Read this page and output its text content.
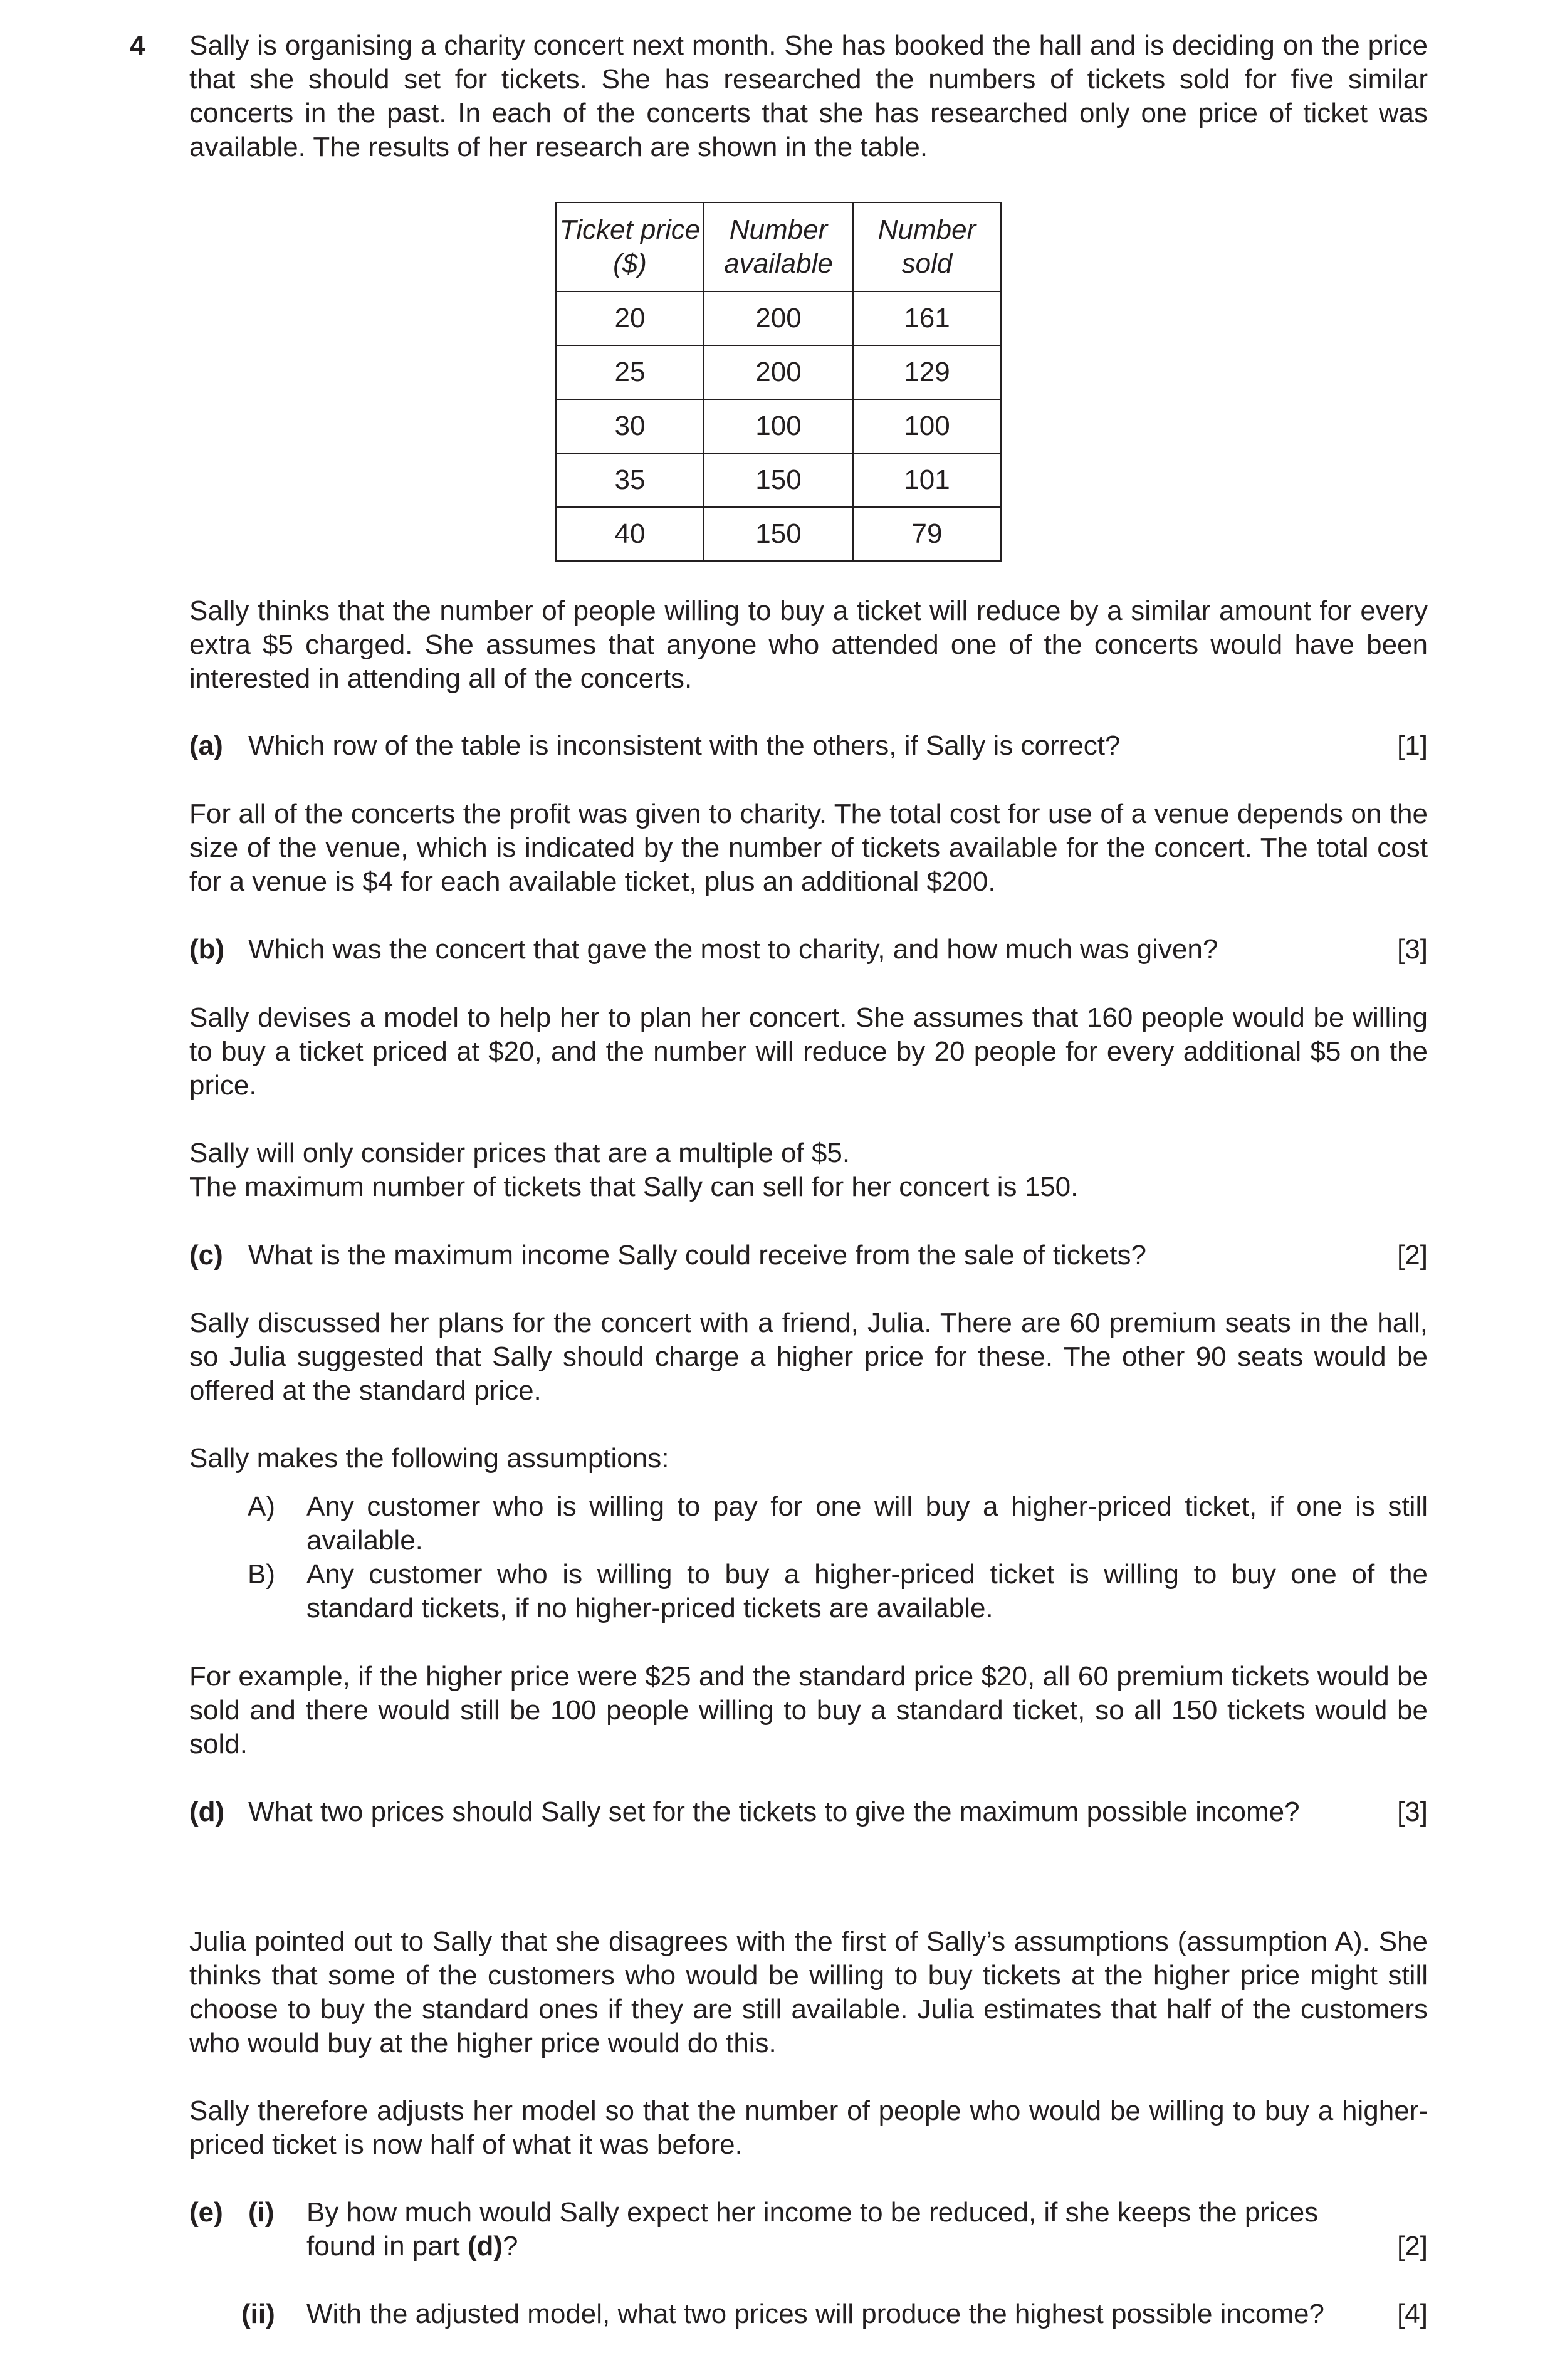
4 Sally is organising a charity concert next month. She has booked the hall and is deciding on the price that she should set for tickets. She has researched the numbers of tickets sold for five similar concerts in the past. In each of the concerts that she has researched only one price of ticket was available. The results of her research are shown in the table.
Ticket price ($)	Number available	Number sold
20	200	161
25	200	129
30	100	100
35	150	101
40	150	79
Sally thinks that the number of people willing to buy a ticket will reduce by a similar amount for every extra $5 charged. She assumes that anyone who attended one of the concerts would have been interested in attending all of the concerts.
(a) Which row of the table is inconsistent with the others, if Sally is correct?	[1]
For all of the concerts the profit was given to charity. The total cost for use of a venue depends on the size of the venue, which is indicated by the number of tickets available for the concert. The total cost for a venue is $4 for each available ticket, plus an additional $200.
(b) Which was the concert that gave the most to charity, and how much was given?	[3]
Sally devises a model to help her to plan her concert. She assumes that 160 people would be willing to buy a ticket priced at $20, and the number will reduce by 20 people for every additional $5 on the price.

Sally will only consider prices that are a multiple of $5.

The maximum number of tickets that Sally can sell for her concert is 150.

(c) What is the maximum income Sally could receive from the sale of tickets?	[2]
Sally discussed her plans for the concert with a friend, Julia. There are 60 premium seats in the hall, so Julia suggested that Sally should charge a higher price for these. The other 90 seats would be offered at the standard price.
Sally makes the following assumptions:
A)	Any customer who is willing to pay for one will buy a higher-priced ticket, if one is still available.
B)	Any customer who is willing to buy a higher-priced ticket is willing to buy one of the standard tickets, if no higher-priced tickets are available.
For example, if the higher price were $25 and the standard price $20, all 60 premium tickets would be sold and there would still be 100 people willing to buy a standard ticket, so all 150 tickets would be sold.
(d) What two prices should Sally set for the tickets to give the maximum possible income?	[3]
Julia pointed out to Sally that she disagrees with the first of Sally’s assumptions (assumption A). She thinks that some of the customers who would be willing to buy tickets at the higher price might still choose to buy the standard ones if they are still available. Julia estimates that half of the customers who would buy at the higher price would do this.
Sally therefore adjusts her model so that the number of people who would be willing to buy a higher-priced ticket is now half of what it was before.
(e) (i)	By how much would Sally expect her income to be reduced, if she keeps the prices
found in part (d)?	[2]
(ii)	With the adjusted model, what two prices will produce the highest possible income?	[4]
